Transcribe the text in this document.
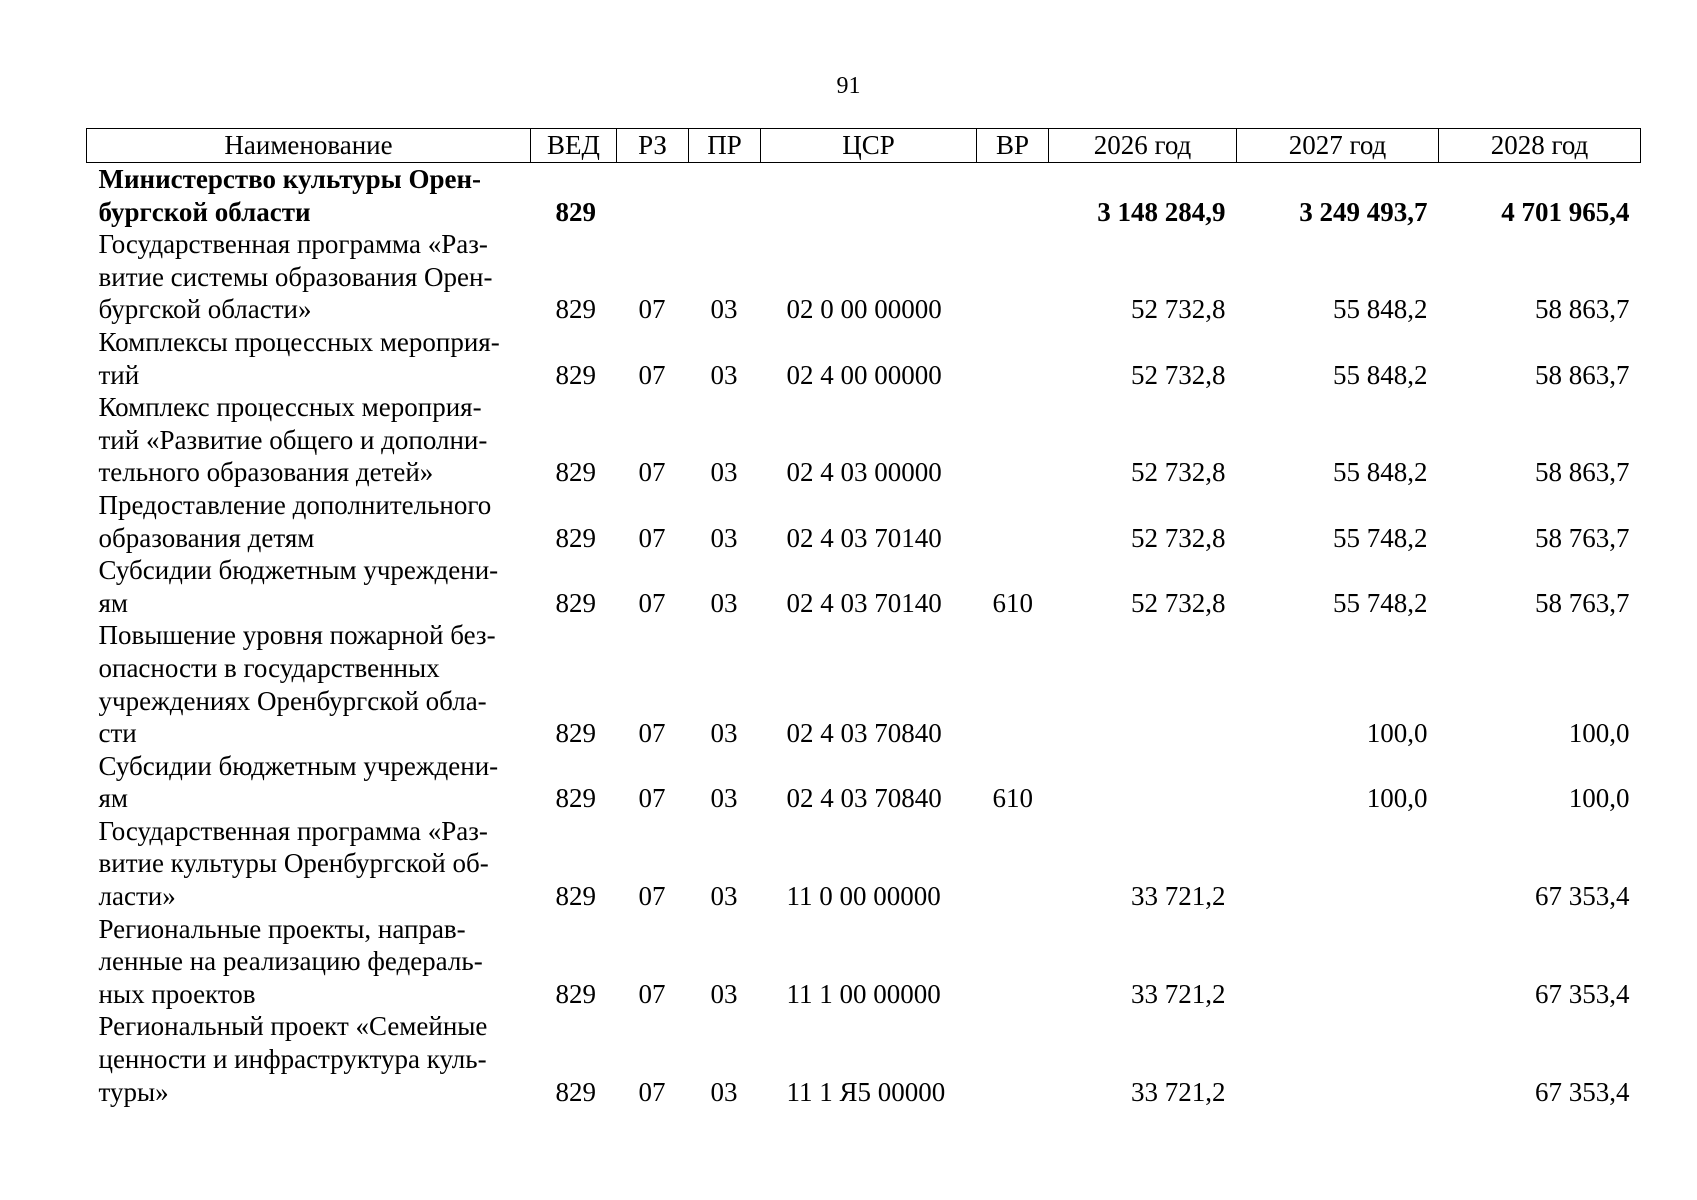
91
Наименование	ВЕД	РЗ	ПР	ЦСР	ВР	2026 год	2027 год	2028 год

Министерство культуры Орен-
бургской области	829					3 148 284,9	3 249 493,7	4 701 965,4

Государственная программа «Раз-
витие системы образования Орен-
бургской области»	829	07	03	02 0 00 00000		52 732,8	55 848,2	58 863,7

Комплексы процессных мероприя-
тий	829	07	03	02 4 00 00000		52 732,8	55 848,2	58 863,7

Комплекс процессных мероприя-
тий «Развитие общего и дополни-
тельного образования детей»	829	07	03	02 4 03 00000		52 732,8	55 848,2	58 863,7

Предоставление дополнительного
образования детям	829	07	03	02 4 03 70140		52 732,8	55 748,2	58 763,7

Субсидии бюджетным учреждени-
ям	829	07	03	02 4 03 70140	610	52 732,8	55 748,2	58 763,7

Повышение уровня пожарной без-
опасности в государственных
учреждениях Оренбургской обла-
сти	829	07	03	02 4 03 70840			100,0	100,0

Субсидии бюджетным учреждени-
ям	829	07	03	02 4 03 70840	610		100,0	100,0

Государственная программа «Раз-
витие культуры Оренбургской об-
ласти»	829	07	03	11 0 00 00000		33 721,2		67 353,4

Региональные проекты, направ-
ленные на реализацию федераль-
ных проектов	829	07	03	11 1 00 00000		33 721,2		67 353,4

Региональный проект «Семейные
ценности и инфраструктура куль-
туры»	829	07	03	11 1 Я5 00000		33 721,2		67 353,4
